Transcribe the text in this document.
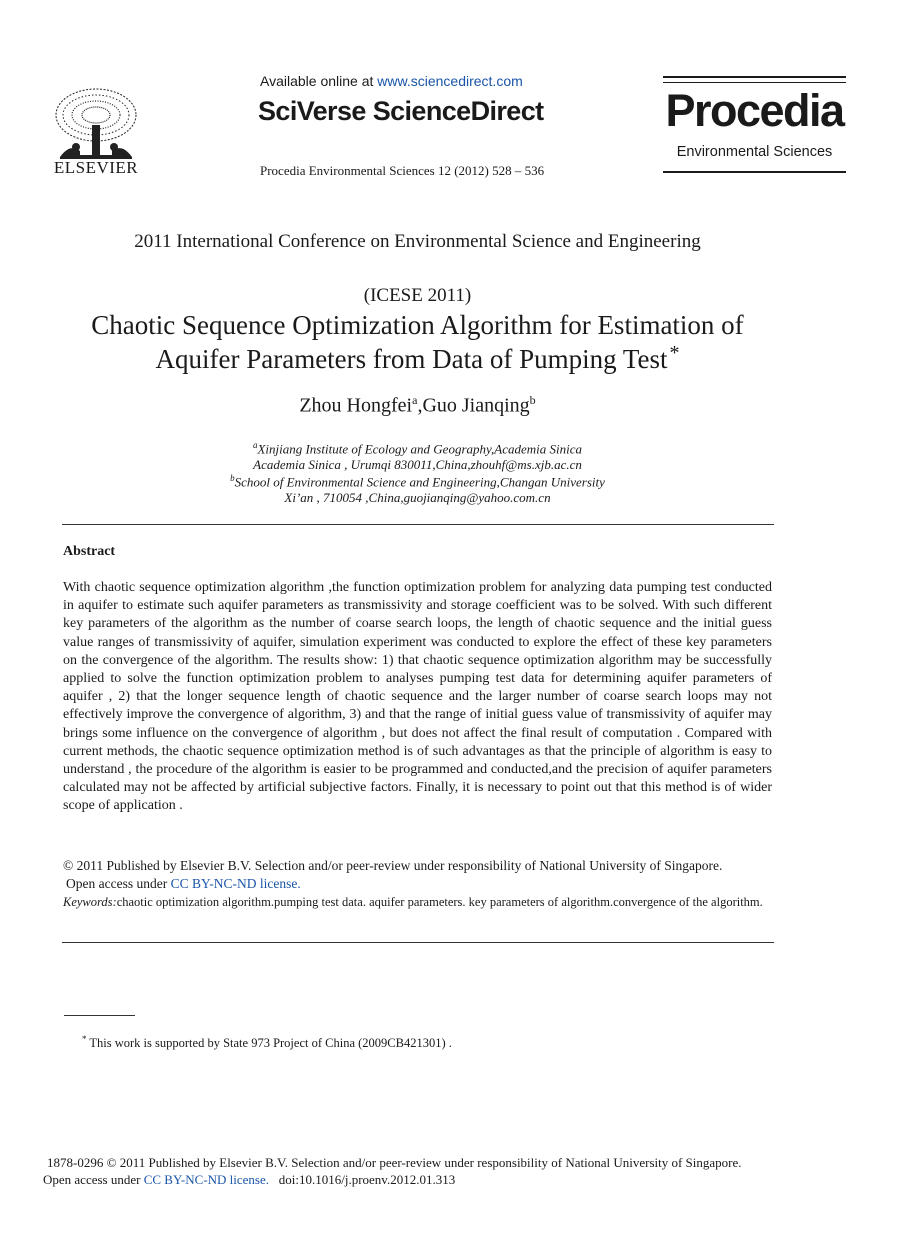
ELSEVIER
Available online at www.sciencedirect.com
SciVerse ScienceDirect
Procedia Environmental Sciences 12 (2012) 528 – 536
Procedia
Environmental Sciences
2011 International Conference on Environmental Science and Engineering
(ICESE 2011)
Chaotic Sequence Optimization Algorithm for Estimation of
Aquifer Parameters from Data of Pumping Test *
Zhou Hongfei$^a$,Guo Jianqing$^b$
$^a$Xinjiang Institute of Ecology and Geography,Academia Sinica
Academia Sinica , Urumqi 830011,China,zhouhf@ms.xjb.ac.cn
$^b$School of Environmental Science and Engineering,Changan University
Xi’an , 710054 ,China,guojianqing@yahoo.com.cn
Abstract
With chaotic sequence optimization algorithm ,the function optimization problem for analyzing data pumping test conducted in aquifer to estimate such aquifer parameters as transmissivity and storage coefficient was to be solved. With such different key parameters of the algorithm as the number of coarse search loops, the length of chaotic sequence and the initial guess value ranges of transmissivity of aquifer, simulation experiment was conducted to explore the effect of these key parameters on the convergence of the algorithm. The results show: 1) that chaotic sequence optimization algorithm may be successfully applied to solve the function optimization problem to analyses pumping test data for determining aquifer parameters of aquifer , 2) that the longer sequence length of chaotic sequence and the larger number of coarse search loops may not effectively improve the convergence of algorithm, 3) and that the range of initial guess value of transmissivity of aquifer may brings some influence on the convergence of algorithm , but does not affect the final result of computation . Compared with current methods, the chaotic sequence optimization method is of such advantages as that the principle of algorithm is easy to understand , the procedure of the algorithm is easier to be programmed and conducted,and the precision of aquifer parameters calculated may not be affected by artificial subjective factors. Finally, it is necessary to point out that this method is of wider scope of application .
© 2011 Published by Elsevier B.V. Selection and/or peer-review under responsibility of National University of Singapore.
Open access under CC BY-NC-ND license.
Keywords:chaotic optimization algorithm.pumping test data. aquifer parameters. key parameters of algorithm.convergence of the algorithm.
* This work is supported by State 973 Project of China (2009CB421301) .
1878-0296 © 2011 Published by Elsevier B.V. Selection and/or peer-review under responsibility of National University of Singapore.
Open access under CC BY-NC-ND license. doi:10.1016/j.proenv.2012.01.313
